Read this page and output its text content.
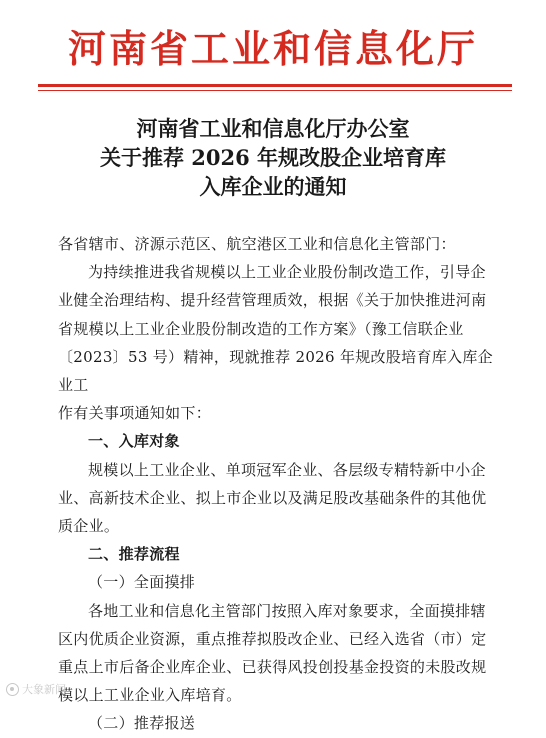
河南省工业和信息化厅
河南省工业和信息化厅办公室
关于推荐 2026 年规改股企业培育库
入库企业的通知
各省辖市、济源示范区、航空港区工业和信息化主管部门：
为持续推进我省规模以上工业企业股份制改造工作，引导企
业健全治理结构、提升经营管理质效，根据《关于加快推进河南
省规模以上工业企业股份制改造的工作方案》（豫工信联企业
〔2023〕53 号）精神，现就推荐 2026 年规改股培育库入库企业工
作有关事项通知如下：
一、入库对象
规模以上工业企业、单项冠军企业、各层级专精特新中小企
业、高新技术企业、拟上市企业以及满足股改基础条件的其他优
质企业。
二、推荐流程
（一）全面摸排
各地工业和信息化主管部门按照入库对象要求，全面摸排辖
区内优质企业资源，重点推荐拟股改企业、已经入选省（市）定
重点上市后备企业库企业、已获得风投创投基金投资的未股改规
模以上工业企业入库培育。
（二）推荐报送
大象新闻
